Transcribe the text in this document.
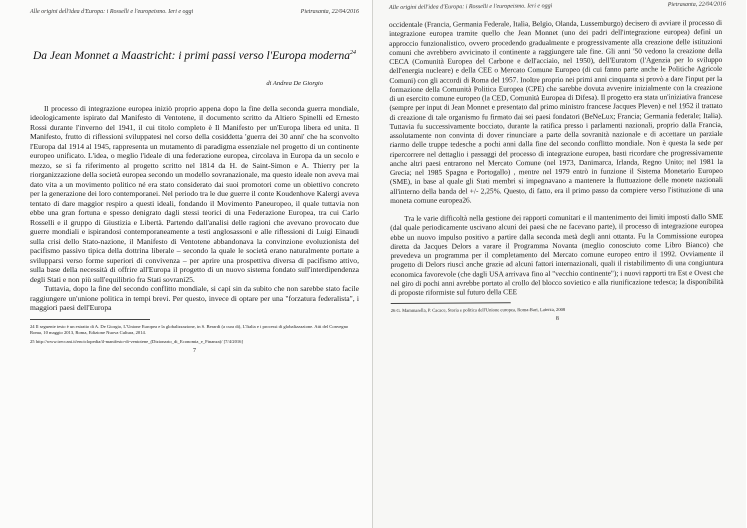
Alle origini dell'idea d'Europa: i Rosselli e l'europeismo. Ieri e oggi	Pietrasanta, 22/04/2016
Da Jean Monnet a Maastricht: i primi passi verso l'Europa moderna$^{24}$
di Andrea De Giorgio

Il processo di integrazione europea iniziò proprio appena dopo la fine della seconda guerra mondiale, ideologicamente ispirato dal Manifesto di Ventotene, il documento scritto da Altiero Spinelli ed Ernesto Rossi durante l'inverno del 1941, il cui titolo completo è Il Manifesto per un'Europa libera ed unita. Il Manifesto, frutto di riflessioni sviluppatesi nel corso della cosiddetta 'guerra dei 30 anni' che ha sconvolto l'Europa dal 1914 al 1945, rappresenta un mutamento di paradigma essenziale nel progetto di un continente europeo unificato. L'idea, o meglio l'ideale di una federazione europea, circolava in Europa da un secolo e mezzo, se si fa riferimento al progetto scritto nel 1814 da H. de Saint-Simon e A. Thierry per la riorganizzazione della società europea secondo un modello sovranazionale, ma questo ideale non aveva mai dato vita a un movimento politico né era stato considerato dai suoi promotori come un obiettivo concreto per la generazione dei loro contemporanei. Nel periodo tra le due guerre il conte Koudenhove Kalergi aveva tentato di dare maggior respiro a questi ideali, fondando il Movimento Paneuropeo, il quale tuttavia non ebbe una gran fortuna e spesso denigrato dagli stessi teorici di una Federazione Europea, tra cui Carlo Rosselli e il gruppo di Giustizia e Libertà. Partendo dall'analisi delle ragioni che avevano provocato due guerre mondiali e ispirandosi contemporaneamente a testi anglosassoni e alle riflessioni di Luigi Einaudi sulla crisi dello Stato-nazione, il Manifesto di Ventotene abbandonava la convinzione evoluzionista del pacifismo passivo tipica della dottrina liberale – secondo la quale le società erano naturalmente portate a svilupparsi verso forme superiori di convivenza – per aprire una prospettiva diversa di pacifismo attivo, sulla base della necessità di offrire all'Europa il progetto di un nuovo sistema fondato sull'interdipendenza degli Stati e non più sull'equilibrio fra Stati sovrani25.

Tuttavia, dopo la fine del secondo conflitto mondiale, si capì sin da subito che non sarebbe stato facile raggiungere un'unione politica in tempi brevi. Per questo, invece di optare per una "forzatura federalista", i maggiori paesi dell'Europa

24 Il seguente testo è un estratto di A. De Giorgio, L'Unione Europea e la globalizzazione, in S. Berardi (a cura di), L'Italia e i processi di globalizzazione. Atti del Convegno Roma, 10 maggio 2013, Roma, Edizione Nuova Cultura, 2014.
25 http://www.treccani.it/enciclopedia/il-manifesto-di-ventotene_(Dizionario_di_Economia_e_Finanza)/ [7/4/2016]
7
Alle origini dell'idea d'Europa: i Rosselli e l'europeismo. Ieri e oggi	Pietrasanta, 22/04/2016

occidentale (Francia, Germania Federale, Italia, Belgio, Olanda, Lussemburgo) decisero di avviare il processo di integrazione europea tramite quello che Jean Monnet (uno dei padri dell'integrazione europea) definì un approccio funzionalistico, ovvero procedendo gradualmente e progressivamente alla creazione delle istituzioni comuni che avrebbero avvicinato il continente a raggiungere tale fine. Gli anni '50 vedono la creazione della CECA (Comunità Europea del Carbone e dell'acciaio, nel 1950), dell'Euratom (l'Agenzia per lo sviluppo dell'energia nucleare) e della CEE o Mercato Comune Europeo (di cui fanno parte anche le Politiche Agricole Comuni) con gli accordi di Roma del 1957. Inoltre proprio nei primi anni cinquanta si provò a dare l'input per la formazione della Comunità Politica Europea (CPE) che sarebbe dovuta avvenire inizialmente con la creazione di un esercito comune europeo (la CED, Comunità Europea di Difesa). Il progetto era stata un'iniziativa francese (sempre per input di Jean Monnet e presentato dal primo ministro francese Jacques Pleven) e nel 1952 il trattato di creazione di tale organismo fu firmato dai sei paesi fondatori (BeNeLux; Francia; Germania federale; Italia). Tuttavia fu successivamente bocciato, durante la ratifica presso i parlamenti nazionali, proprio dalla Francia, assolutamente non convinta di dover rinunciare a parte della sovranità nazionale e di accettare un parziale riarmo delle truppe tedesche a pochi anni dalla fine del secondo conflitto mondiale. Non è questa la sede per ripercorrere nel dettaglio i passaggi del processo di integrazione europea, basti ricordare che progressivamente anche altri paesi entrarono nel Mercato Comune (nel 1973, Danimarca, Irlanda, Regno Unito; nel 1981 la Grecia; nel 1985 Spagna e Portogallo) , mentre nel 1979 entrò in funzione il Sistema Monetario Europeo (SME), in base al quale gli Stati membri si impegnavano a mantenere la fluttuazione delle monete nazionali all'interno della banda del +/- 2,25%. Questo, di fatto, era il primo passo da compiere verso l'istituzione di una moneta comune europea26.

Tra le varie difficoltà nella gestione dei rapporti comunitari e il mantenimento dei limiti imposti dallo SME (dal quale periodicamente uscivano alcuni dei paesi che ne facevano parte), il processo di integrazione europea ebbe un nuovo impulso positivo a partire dalla seconda metà degli anni ottanta. Fu la Commissione europea diretta da Jacques Delors a varare il Programma Novanta (meglio conosciuto come Libro Bianco) che prevedeva un programma per il completamento del Mercato comune europeo entro il 1992. Ovviamente il progetto di Delors riuscì anche grazie ad alcuni fattori internazionali, quali il ristabilimento di una congiuntura economica favorevole (che dagli USA arrivava fino al "vecchio continente"); i nuovi rapporti tra Est e Ovest che nel giro di pochi anni avrebbe portato al crollo del blocco sovietico e alla riunificazione tedesca; la disponibilità di proposte riformiste sul futuro della CEE

26 G. Mammarella, P. Cacace, Storia e politica dell'Unione europea, Roma-Bari, Laterza, 2008
8
